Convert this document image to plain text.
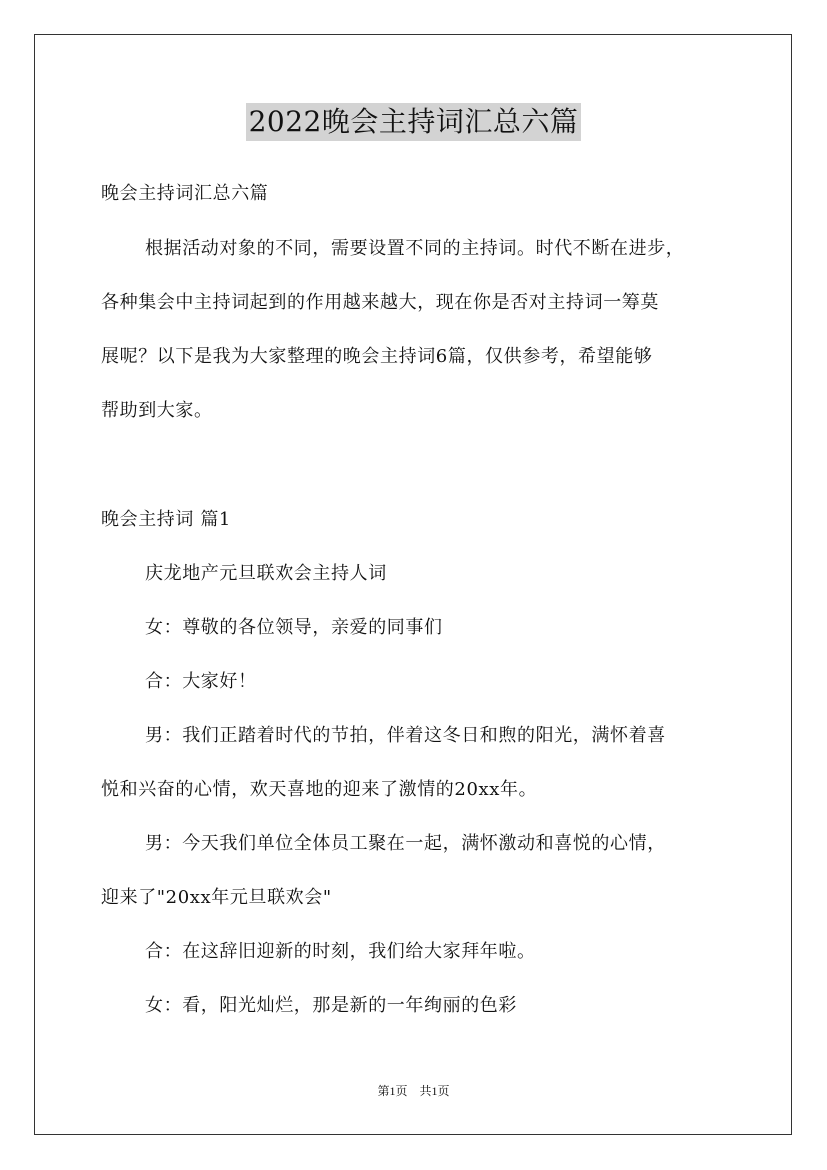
2022晚会主持词汇总六篇
晚会主持词汇总六篇
根据活动对象的不同，需要设置不同的主持词。时代不断在进步，
各种集会中主持词起到的作用越来越大，现在你是否对主持词一筹莫
展呢？以下是我为大家整理的晚会主持词6篇，仅供参考，希望能够
帮助到大家。
晚会主持词 篇1
庆龙地产元旦联欢会主持人词
女：尊敬的各位领导，亲爱的同事们
合：大家好！
男：我们正踏着时代的节拍，伴着这冬日和煦的阳光，满怀着喜
悦和兴奋的心情，欢天喜地的迎来了激情的20xx年。
男：今天我们单位全体员工聚在一起，满怀激动和喜悦的心情，
迎来了"20xx年元旦联欢会"
合：在这辞旧迎新的时刻，我们给大家拜年啦。
女：看，阳光灿烂，那是新的一年绚丽的色彩
第1页 共1页
